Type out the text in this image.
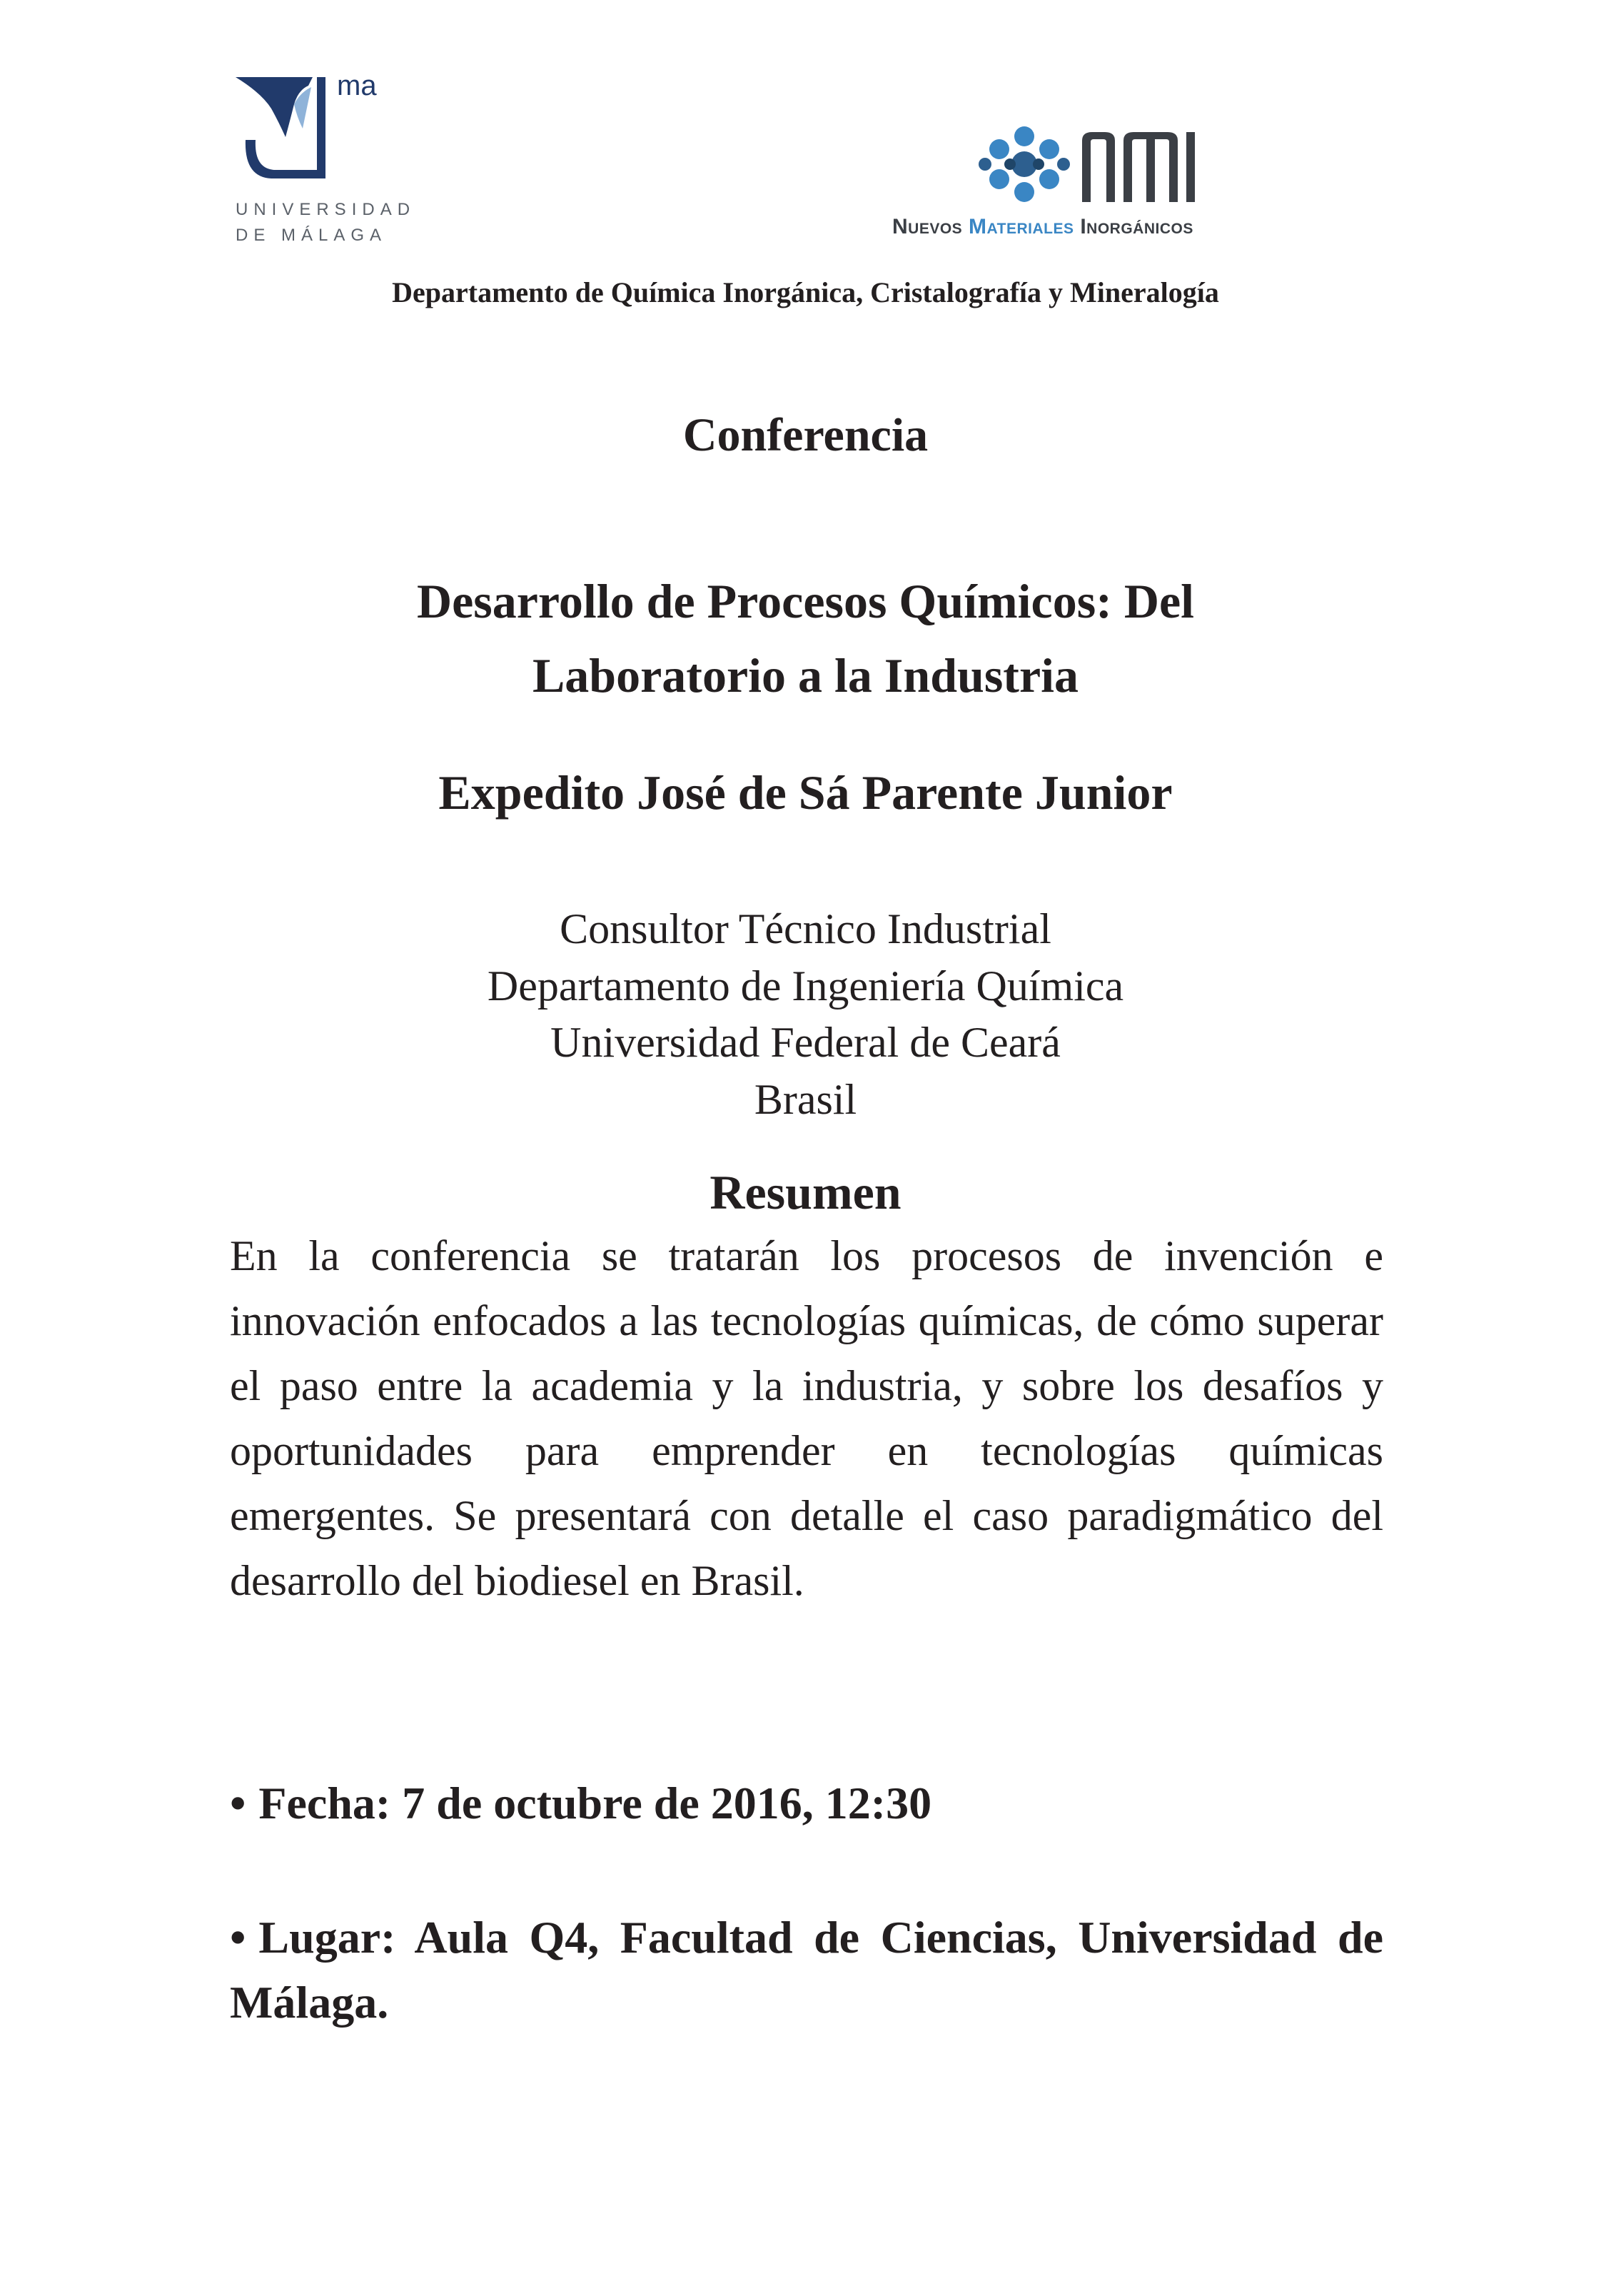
ma
UNIVERSIDAD
DE MÁLAGA	Nuevos Materiales Inorgánicos
Departamento de Química Inorgánica, Cristalografía y Mineralogía
Conferencia
Desarrollo de Procesos Químicos: Del
Laboratorio a la Industria
Expedito José de Sá Parente Junior
Consultor Técnico Industrial
Departamento de Ingeniería Química
Universidad Federal de Ceará
Brasil
Resumen
En la conferencia se tratarán los procesos de invención e innovación enfocados a las tecnologías químicas, de cómo superar el paso entre la academia y la industria, y sobre los desafíos y oportunidades para emprender en tecnologías químicas emergentes. Se presentará con detalle el caso paradigmático del desarrollo del biodiesel en Brasil.
• Fecha: 7 de octubre de 2016, 12:30
• Lugar: Aula Q4, Facultad de Ciencias, Universidad de Málaga.
